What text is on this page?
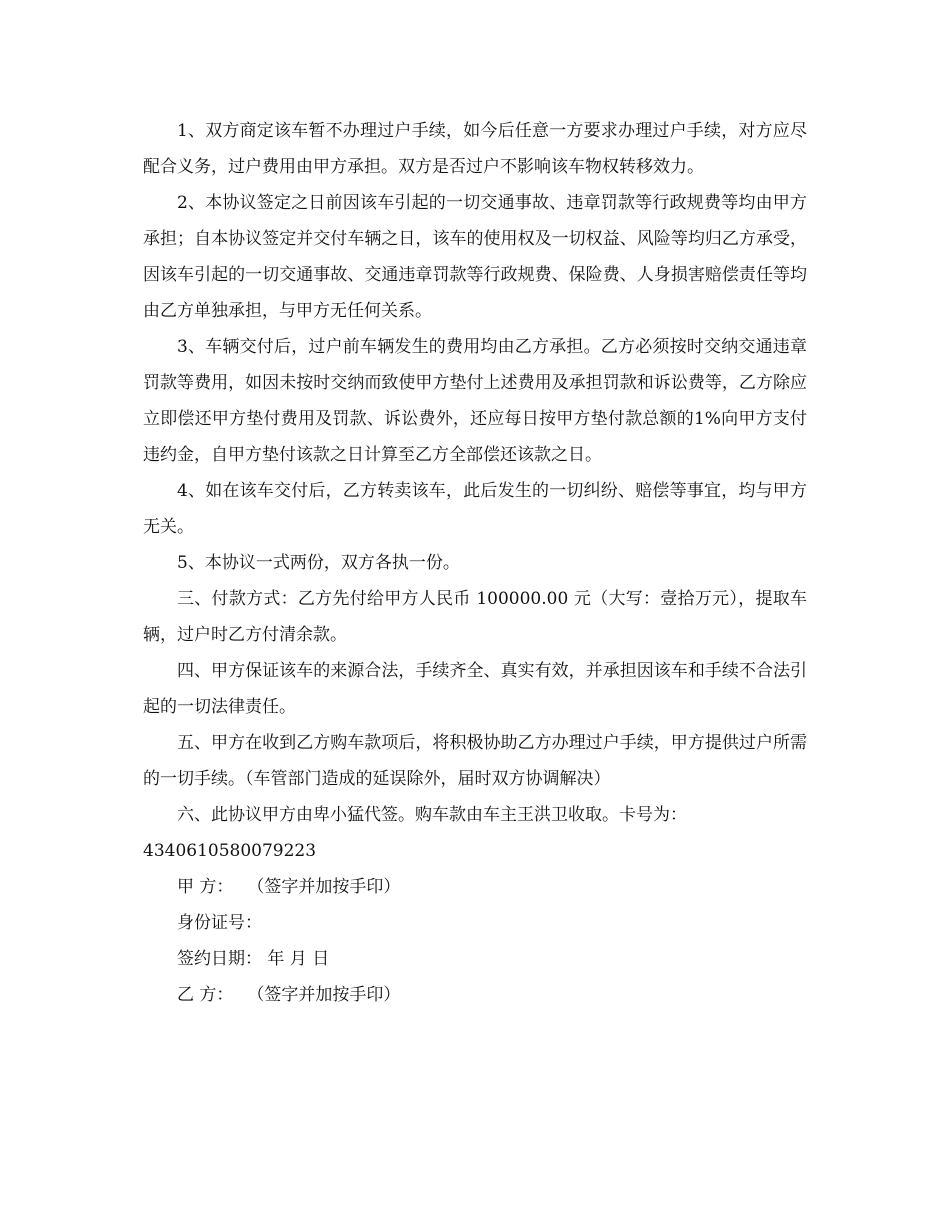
1、双方商定该车暂不办理过户手续，如今后任意一方要求办理过户手续，对方应尽配合义务，过户费用由甲方承担。双方是否过户不影响该车物权转移效力。

2、本协议签定之日前因该车引起的一切交通事故、违章罚款等行政规费等均由甲方承担；自本协议签定并交付车辆之日，该车的使用权及一切权益、风险等均归乙方承受，因该车引起的一切交通事故、交通违章罚款等行政规费、保险费、人身损害赔偿责任等均由乙方单独承担，与甲方无任何关系。

3、车辆交付后，过户前车辆发生的费用均由乙方承担。乙方必须按时交纳交通违章罚款等费用，如因未按时交纳而致使甲方垫付上述费用及承担罚款和诉讼费等，乙方除应立即偿还甲方垫付费用及罚款、诉讼费外，还应每日按甲方垫付款总额的1%向甲方支付违约金，自甲方垫付该款之日计算至乙方全部偿还该款之日。

4、如在该车交付后，乙方转卖该车，此后发生的一切纠纷、赔偿等事宜，均与甲方无关。

5、本协议一式两份，双方各执一份。

三、付款方式：乙方先付给甲方人民币 100000.00 元（大写：壹拾万元），提取车辆，过户时乙方付清余款。

四、甲方保证该车的来源合法，手续齐全、真实有效，并承担因该车和手续不合法引起的一切法律责任。

五、甲方在收到乙方购车款项后，将积极协助乙方办理过户手续，甲方提供过户所需的一切手续。（车管部门造成的延误除外，届时双方协调解决）

六、此协议甲方由卑小猛代签。购车款由车主王洪卫收取。卡号为：

4340610580079223

甲 方： （签字并加按手印）

身份证号：

签约日期： 年 月 日

乙 方： （签字并加按手印）
